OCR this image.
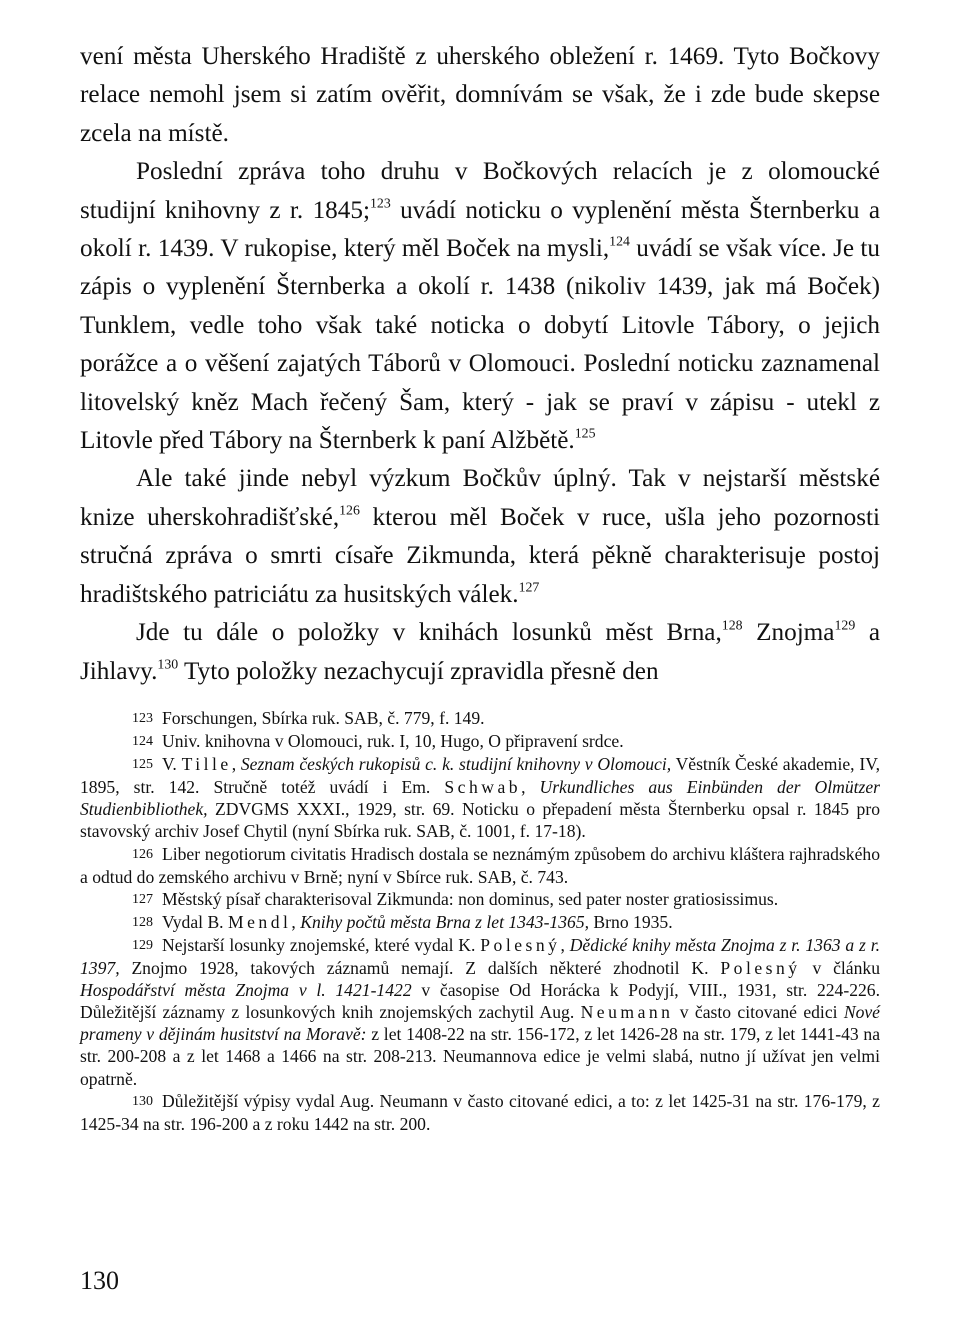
vení města Uherského Hradiště z uherského obležení r. 1469. Tyto Bočkovy relace nemohl jsem si zatím ověřit, domnívám se však, že i zde bude skepse zcela na místě.

Poslední zpráva toho druhu v Bočkových relacích je z olomoucké studijní knihovny z r. 1845;$^{123}$ uvádí noticku o vyplenění města Šternberku a okolí r. 1439. V rukopise, který měl Boček na mysli,$^{124}$ uvádí se však více. Je tu zápis o vyplenění Šternberka a okolí r. 1438 (nikoliv 1439, jak má Boček) Tunklem, vedle toho však také noticka o dobytí Litovle Tábory, o jejich porážce a o věšení zajatých Táborů v Olomouci. Poslední noticku zaznamenal litovelský kněz Mach řečený Šam, který - jak se praví v zápisu - utekl z Litovle před Tábory na Šternberk k paní Alžbětě.$^{125}$

Ale také jinde nebyl výzkum Bočkův úplný. Tak v nejstarší městské knize uherskohradišťské,$^{126}$ kterou měl Boček v ruce, ušla jeho pozornosti stručná zpráva o smrti císaře Zikmunda, která pěkně charakterisuje postoj hradištského patriciátu za husitských válek.$^{127}$

Jde tu dále o položky v knihách losunků měst Brna,$^{128}$ Znojma$^{129}$ a Jihlavy.$^{130}$ Tyto položky nezachycují zpravidla přesně den

123 Forschungen, Sbírka ruk. SAB, č. 779, f. 149.

124 Univ. knihovna v Olomouci, ruk. I, 10, Hugo, O připravení srdce.

125 V. Tille, Seznam českých rukopisů c. k. studijní knihovny v Olomouci, Věstník České akademie, IV, 1895, str. 142. Stručně totéž uvádí i Em. Schwab, Urkundliches aus Einbünden der Olmützer Studienbibliothek, ZDVGMS XXXI., 1929, str. 69. Noticku o přepadení města Šternberku opsal r. 1845 pro stavovský archiv Josef Chytil (nyní Sbírka ruk. SAB, č. 1001, f. 17-18).

126 Liber negotiorum civitatis Hradisch dostala se neznámým způsobem do archivu kláštera rajhradského a odtud do zemského archivu v Brně; nyní v Sbírce ruk. SAB, č. 743.

127 Městský písař charakterisoval Zikmunda: non dominus, sed pater noster gratiosissimus.

128 Vydal B. Mendl, Knihy počtů města Brna z let 1343-1365, Brno 1935.

129 Nejstarší losunky znojemské, které vydal K. Polesný, Dědické knihy města Znojma z r. 1363 a z r. 1397, Znojmo 1928, takových záznamů nemají. Z dalších některé zhodnotil K. Polesný v článku Hospodářství města Znojma v l. 1421-1422 v časopise Od Horácka k Podyjí, VIII., 1931, str. 224-226. Důležitější záznamy z losunkových knih znojemských zachytil Aug. Neumann v často citované edici Nové prameny v dějinám husitství na Moravě: z let 1408-22 na str. 156-172, z let 1426-28 na str. 179, z let 1441-43 na str. 200-208 a z let 1468 a 1466 na str. 208-213. Neumannova edice je velmi slabá, nutno jí užívat jen velmi opatrně.

130 Důležitější výpisy vydal Aug. Neumann v často citované edici, a to: z let 1425-31 na str. 176-179, z 1425-34 na str. 196-200 a z roku 1442 na str. 200.

130
